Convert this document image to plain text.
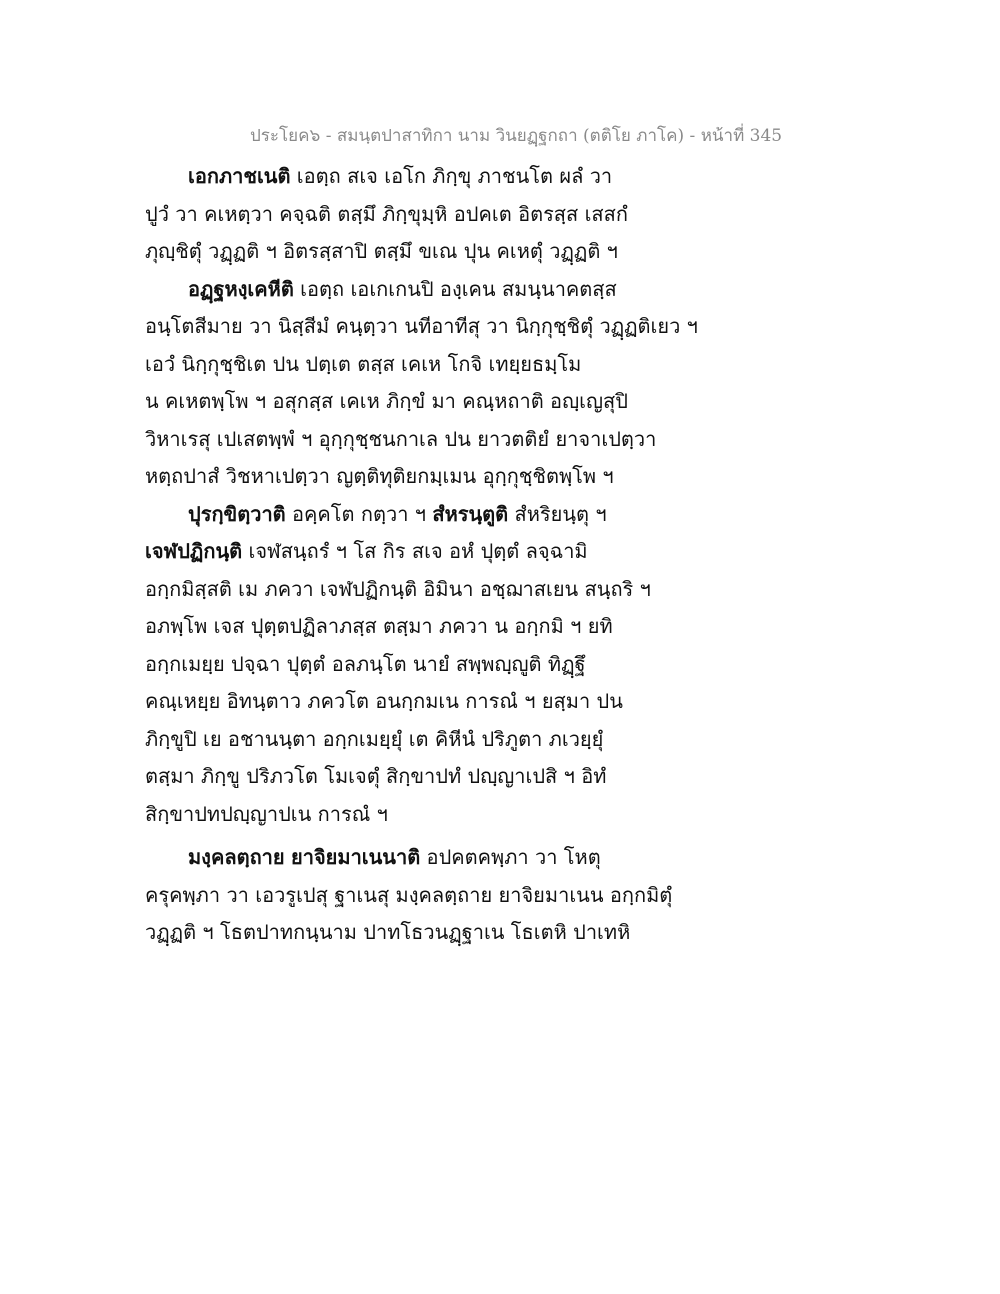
ประโยค๖ - สมนฺตปาสาทิกา นาม วินยฏฺฐกถา (ตติโย ภาโค) - หน้าที่ 345
เอกภาชเนติ เอตฺถ สเจ เอโก ภิกฺขุ ภาชนโต ผลํ วา
ปูวํ วา คเหตฺวา คจฺฉติ ตสฺมึ ภิกฺขุมฺหิ อปคเต อิตรสฺส เสสกํ
ภุญฺชิตุํ วฏฺฏติ ฯ อิตรสฺสาปิ ตสฺมึ ขเณ ปุน คเหตุํ วฏฺฏติ ฯ
อฏฺฐหงฺเคหีติ เอตฺถ เอเกเกนปิ องฺเคน สมนฺนาคตสฺส
อนฺโตสีมาย วา นิสฺสีมํ คนฺตฺวา นทีอาทีสุ วา นิกฺกุชฺชิตุํ วฏฺฏติเยว ฯ
เอวํ นิกฺกุชฺชิเต ปน ปตฺเต ตสฺส เคเห โกจิ เทยฺยธมฺโม
น คเหตพฺโพ ฯ อสุกสฺส เคเห ภิกฺขํ มา คณฺหถาติ อญฺเญสุปิ
วิหาเรสุ เปเสตพฺพํ ฯ อุกฺกุชฺชนกาเล ปน ยาวตติยํ ยาจาเปตฺวา
หตฺถปาสํ วิชหาเปตฺวา ญตฺติทุติยกมฺเมน อุกฺกุชฺชิตพฺโพ ฯ
ปุรกฺขิตฺวาติ อคฺคโต กตฺวา ฯ สํหรนฺตูติ สํหริยนฺตุ ฯ
เจฬปฏิกนฺติ เจฬสนฺถรํ ฯ โส กิร สเจ อหํ ปุตฺตํ ลจฺฉามิ
อกฺกมิสฺสติ เม ภควา เจฬปฏิกนฺติ อิมินา อชฺฌาสเยน สนฺถริ ฯ
อภพฺโพ เจส ปุตฺตปฏิลาภสฺส ตสฺมา ภควา น อกฺกมิ ฯ ยทิ
อกฺกเมยฺย ปจฺฉา ปุตฺตํ อลภนฺโต นายํ สพฺพญฺญูติ ทิฏฺฐึ
คณฺเหยฺย อิทนฺตาว ภควโต อนกฺกมเน การณํ ฯ ยสฺมา ปน
ภิกฺขูปิ เย อชานนฺตา อกฺกเมยฺยุํ เต คิหีนํ ปริภูตา ภเวยฺยุํ
ตสฺมา ภิกฺขู ปริภวโต โมเจตุํ สิกฺขาปทํ ปญฺญาเปสิ ฯ อิทํ
สิกฺขาปทปญฺญาปเน การณํ ฯ
มงฺคลตฺถาย ยาจิยมาเนนาติ อปคตคพฺภา วา โหตุ
ครุคพฺภา วา เอวรูเปสุ ฐาเนสุ มงฺคลตฺถาย ยาจิยมาเนน อกฺกมิตุํ
วฏฺฏติ ฯ โธตปาทกนฺนาม ปาทโธวนฏฺฐาเน โธเตหิ ปาเทหิ
